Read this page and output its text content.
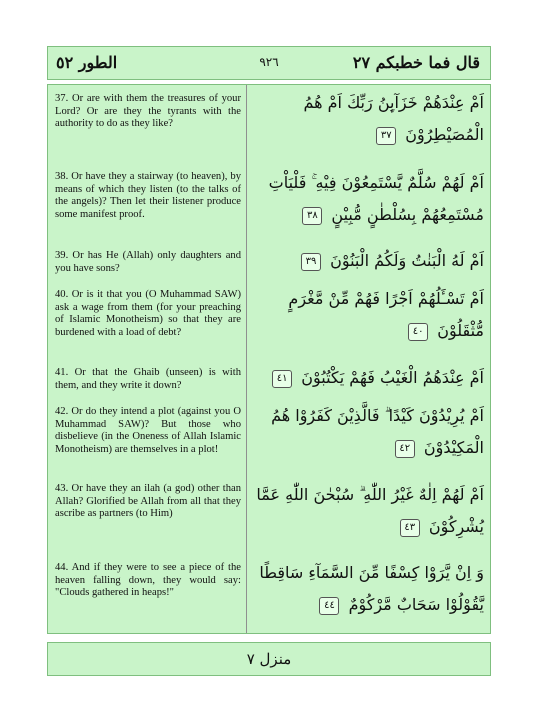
قال فما خطبكم ٢٧
٩٢٦
الطور ٥٢
37. Or are with them the treasures of your Lord? Or are they the tyrants with the authority to do as they like?
اَمْ عِنْدَهُمْ خَزَآىِٕنُ رَبِّكَ اَمْ هُمُ الْمُصَيْطِرُوْنَ ٣٧
38. Or have they a stairway (to heaven), by means of which they listen (to the talks of the angels)? Then let their listener produce some manifest proof.
اَمْ لَهُمْ سُلَّمٌ يَّسْتَمِعُوْنَ فِيْهِ ۚ فَلْيَاْتِ مُسْتَمِعُهُمْ بِسُلْطٰنٍ مُّبِيْنٍ ٣٨
39. Or has He (Allah) only daughters and you have sons?	اَمْ لَهُ الْبَنٰتُ وَلَكُمُ الْبَنُوْنَ ٣٩
40. Or is it that you (O Muhammad SAW) ask a wage from them (for your preaching of Islamic Monotheism) so that they are burdened with a load of debt?
اَمْ تَسْـَٔلُهُمْ اَجْرًا فَهُمْ مِّنْ مَّغْرَمٍ مُّثْقَلُوْنَ ٤٠
41. Or that the Ghaib (unseen) is with them, and they write it down?	اَمْ عِنْدَهُمُ الْغَيْبُ فَهُمْ يَكْتُبُوْنَ ٤١
42. Or do they intend a plot (against you O Muhammad SAW)? But those who disbelieve (in the Oneness of Allah Islamic Monotheism) are themselves in a plot!
اَمْ يُرِيْدُوْنَ كَيْدًا ۗ فَالَّذِيْنَ كَفَرُوْا هُمُ الْمَكِيْدُوْنَ ٤٢
43. Or have they an ilah (a god) other than Allah? Glorified be Allah from all that they ascribe as partners (to Him)
اَمْ لَهُمْ اِلٰهٌ غَيْرُ اللّٰهِ ۗ سُبْحٰنَ اللّٰهِ عَمَّا يُشْرِكُوْنَ ٤٣
44. And if they were to see a piece of the heaven falling down, they would say: "Clouds gathered in heaps!"
وَ اِنْ يَّرَوْا كِسْفًا مِّنَ السَّمَآءِ سَاقِطًا يَّقُوْلُوْا سَحَابٌ مَّرْكُوْمٌ ٤٤
منزل ٧
